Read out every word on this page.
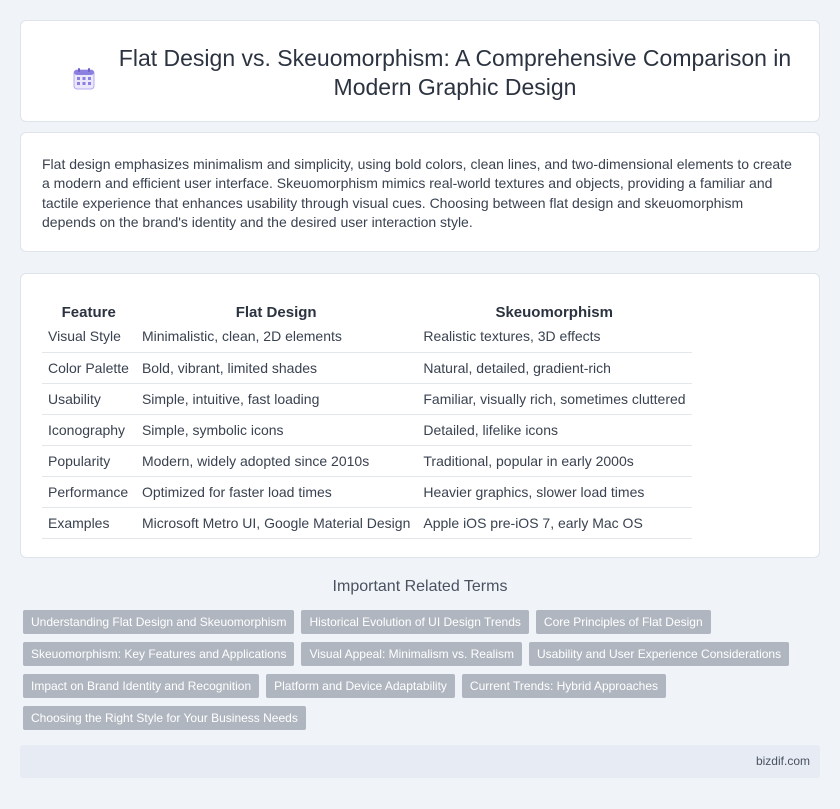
Flat Design vs. Skeuomorphism: A Comprehensive Comparison in Modern Graphic Design

Flat design emphasizes minimalism and simplicity, using bold colors, clean lines, and two-dimensional elements to create a modern and efficient user interface. Skeuomorphism mimics real-world textures and objects, providing a familiar and tactile experience that enhances usability through visual cues. Choosing between flat design and skeuomorphism depends on the brand's identity and the desired user interaction style.

Feature	Flat Design	Skeuomorphism
Visual Style	Minimalistic, clean, 2D elements	Realistic textures, 3D effects
Color Palette	Bold, vibrant, limited shades	Natural, detailed, gradient-rich
Usability	Simple, intuitive, fast loading	Familiar, visually rich, sometimes cluttered
Iconography	Simple, symbolic icons	Detailed, lifelike icons
Popularity	Modern, widely adopted since 2010s	Traditional, popular in early 2000s
Performance	Optimized for faster load times	Heavier graphics, slower load times
Examples	Microsoft Metro UI, Google Material Design	Apple iOS pre-iOS 7, early Mac OS
Important Related Terms
Understanding Flat Design and Skeuomorphism	Historical Evolution of UI Design Trends	Core Principles of Flat Design
Skeuomorphism: Key Features and Applications	Visual Appeal: Minimalism vs. Realism	Usability and User Experience Considerations
Impact on Brand Identity and Recognition	Platform and Device Adaptability	Current Trends: Hybrid Approaches
Choosing the Right Style for Your Business Needs
bizdif.com
